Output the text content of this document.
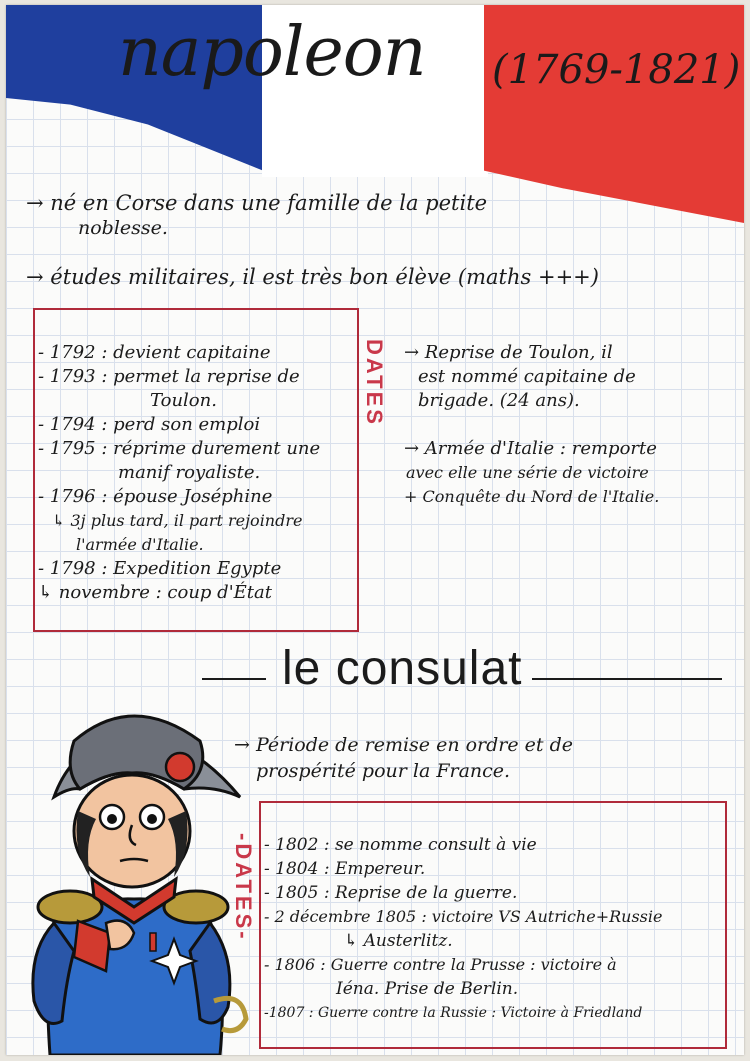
napoleon (1769-1821)
→ né en Corse dans une famille de la petite
noblesse.
→ études militaires, il est très bon élève (maths +++)
- 1792 : devient capitaine
- 1793 : permet la reprise de
Toulon.
- 1794 : perd son emploi
- 1795 : réprime durement une
manif royaliste.
- 1796 : épouse Joséphine
↳ 3j plus tard, il part rejoindre
l'armée d'Italie.
- 1798 : Expedition Egypte
↳ novembre : coup d'État
DATES → Reprise de Toulon, il
est nommé capitaine de
brigade. (24 ans).
→ Armée d'Italie : remporte
avec elle une série de victoire
+ Conquête du Nord de l'Italie.
le consulat
→ Période de remise en ordre et de
prospérité pour la France.
-DATES- - 1802 : se nomme consult à vie
- 1804 : Empereur.
- 1805 : Reprise de la guerre.
- 2 décembre 1805 : victoire VS Autriche+Russie
↳ Austerlitz.
- 1806 : Guerre contre la Prusse : victoire à
Iéna. Prise de Berlin.
-1807 : Guerre contre la Russie : Victoire à Friedland
